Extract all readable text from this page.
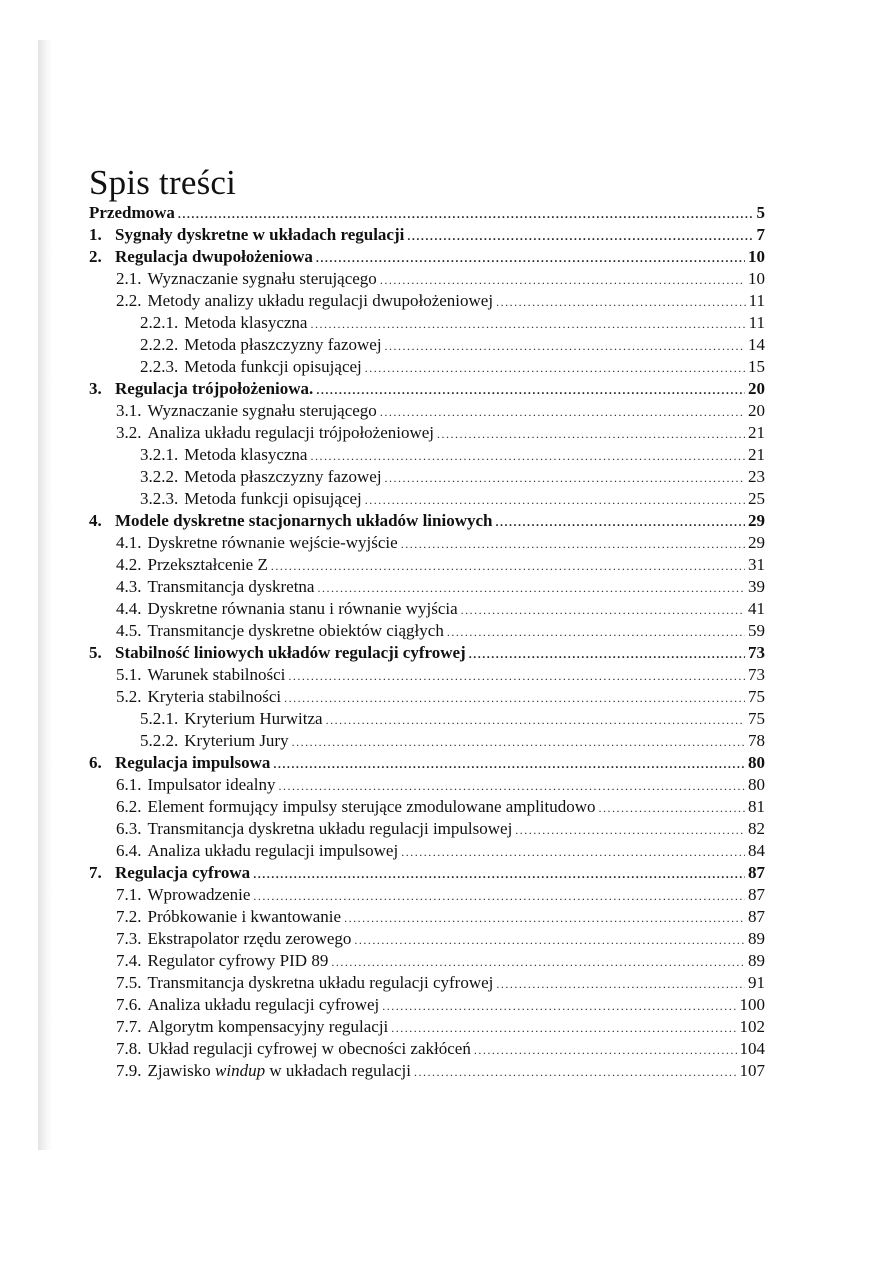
Spis treści
Przedmowa .....	5
1. Sygnały dyskretne w układach regulacji .....	7
2. Regulacja dwupołożeniowa .....	10
2.1. Wyznaczanie sygnału sterującego .....	10
2.2. Metody analizy układu regulacji dwupołożeniowej .....	11
2.2.1. Metoda klasyczna .....	11
2.2.2. Metoda płaszczyzny fazowej .....	14
2.2.3. Metoda funkcji opisującej .....	15
3. Regulacja trójpołożeniowa. .....	20
3.1. Wyznaczanie sygnału sterującego .....	20
3.2. Analiza układu regulacji trójpołożeniowej .....	21
3.2.1. Metoda klasyczna .....	21
3.2.2. Metoda płaszczyzny fazowej .....	23
3.2.3. Metoda funkcji opisującej .....	25
4. Modele dyskretne stacjonarnych układów liniowych .....	29
4.1. Dyskretne równanie wejście-wyjście .....	29
4.2. Przekształcenie Z .....	31
4.3. Transmitancja dyskretna .....	39
4.4. Dyskretne równania stanu i równanie wyjścia .....	41
4.5. Transmitancje dyskretne obiektów ciągłych .....	59
5. Stabilność liniowych układów regulacji cyfrowej .....	73
5.1. Warunek stabilności .....	73
5.2. Kryteria stabilności .....	75
5.2.1. Kryterium Hurwitza .....	75
5.2.2. Kryterium Jury .....	78
6. Regulacja impulsowa .....	80
6.1. Impulsator idealny .....	80
6.2. Element formujący impulsy sterujące zmodulowane amplitudowo .....	81
6.3. Transmitancja dyskretna układu regulacji impulsowej .....	82
6.4. Analiza układu regulacji impulsowej .....	84
7. Regulacja cyfrowa .....	87
7.1. Wprowadzenie .....	87
7.2. Próbkowanie i kwantowanie .....	87
7.3. Ekstrapolator rzędu zerowego .....	89
7.4. Regulator cyfrowy PID 89 .....	89
7.5. Transmitancja dyskretna układu regulacji cyfrowej .....	91
7.6. Analiza układu regulacji cyfrowej .....	100
7.7. Algorytm kompensacyjny regulacji .....	102
7.8. Układ regulacji cyfrowej w obecności zakłóceń .....	104
7.9. Zjawisko windup w układach regulacji .....	107
